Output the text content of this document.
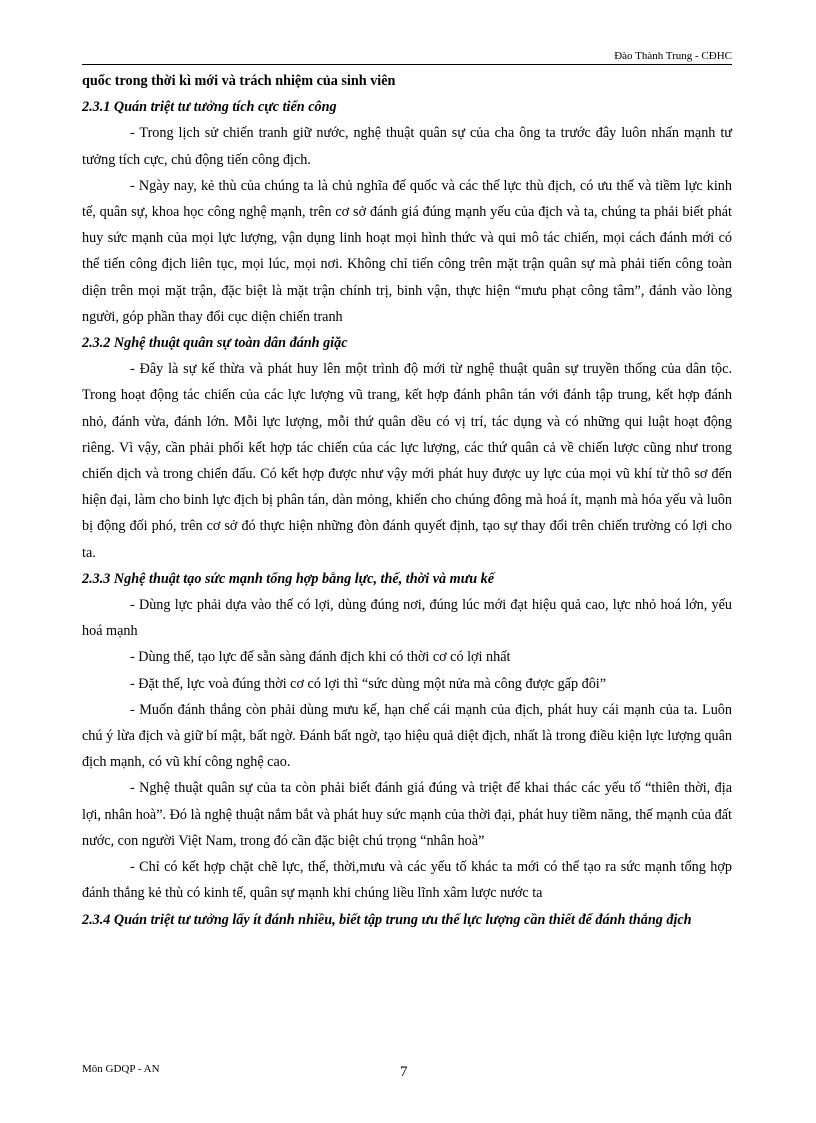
Đào Thành Trung - CĐHC

quốc trong thời kì mới và trách nhiệm của sinh viên

2.3.1 Quán triệt tư tưởng tích cực tiến công

- Trong lịch sử chiến tranh giữ nước, nghệ thuật quân sự của cha ông ta trước đây luôn nhấn mạnh tư tưởng tích cực, chủ động tiến công địch.

- Ngày nay, kẻ thù của chúng ta là chủ nghĩa đế quốc và các thế lực thù địch, có ưu thế và tiềm lực kinh tế, quân sự, khoa học công nghệ mạnh, trên cơ sở đánh giá đúng mạnh yếu của địch và ta, chúng ta phải biết phát huy sức mạnh của mọi lực lượng, vận dụng linh hoạt mọi hình thức và qui mô tác chiến, mọi cách đánh mới có thể tiến công địch liên tục, mọi lúc, mọi nơi. Không chỉ tiến công trên mặt trận quân sự mà phải tiến công toàn diện trên mọi mặt trận, đặc biệt là mặt trận chính trị, binh vận, thực hiện “mưu phạt công tâm”, đánh vào lòng người, góp phần thay đổi cục diện chiến tranh

2.3.2 Nghệ thuật quân sự toàn dân đánh giặc

- Đây là sự kế thừa và phát huy lên một trình độ mới từ nghệ thuật quân sự truyền thống của dân tộc. Trong hoạt động tác chiến của các lực lượng vũ trang, kết hợp đánh phân tán với đánh tập trung, kết hợp đánh nhỏ, đánh vừa, đánh lớn. Mỗi lực lượng, mỗi thứ quân dều có vị trí, tác dụng và có những qui luật hoạt động riêng. Vì vậy, cần phải phối kết hợp tác chiến của các lực lượng, các thứ quân cả về chiến lược cũng như trong chiến dịch và trong chiến đấu. Có kết hợp được như vậy mới phát huy được uy lực của mọi vũ khí từ thô sơ đến hiện đại, làm cho binh lực địch bị phân tán, dàn mỏng, khiến cho chúng đông mà hoá ít, mạnh mà hóa yếu và luôn bị động đối phó, trên cơ sở đó thực hiện những đòn đánh quyết định, tạo sự thay đổi trên chiến trường có lợi cho ta.

2.3.3 Nghệ thuật tạo sức mạnh tổng hợp bằng lực, thế, thời và mưu kế

- Dùng lực phải dựa vào thế có lợi, dùng đúng nơi, đúng lúc mới đạt hiệu quả cao, lực nhỏ hoá lớn, yếu hoá mạnh

- Dùng thế, tạo lực để sẵn sàng đánh địch khi có thời cơ có lợi nhất

- Đặt thế, lực voà đúng thời cơ có lợi thì “sức dùng một nửa mà công được gấp đôi”

- Muốn đánh thắng còn phải dùng mưu kế, hạn chế cái mạnh của địch, phát huy cái mạnh của ta. Luôn chú ý lừa địch và giữ bí mật, bất ngờ. Đánh bất ngờ, tạo hiệu quả diệt địch, nhất là trong điều kiện lực lượng quân địch mạnh, có vũ khí công nghệ cao.

- Nghệ thuật quân sự của ta còn phải biết đánh giá đúng và triệt để khai thác các yếu tố “thiên thời, địa lợi, nhân hoà”. Đó là nghệ thuật nắm bắt và phát huy sức mạnh của thời đại, phát huy tiềm năng, thế mạnh của đất nước, con người Việt Nam, trong đó cần đặc biệt chú trọng “nhân hoà”

- Chỉ có kết hợp chặt chẽ lực, thế, thời,mưu và các yếu tố khác ta mới có thể tạo ra sức mạnh tổng hợp đánh thắng kẻ thù có kinh tế, quân sự mạnh khi chúng liều lĩnh xâm lược nước ta

2.3.4 Quán triệt tư tưởng lấy ít đánh nhiều, biết tập trung ưu thế lực lượng cần thiết để đánh thắng địch

Môn GDQP - AN	7
